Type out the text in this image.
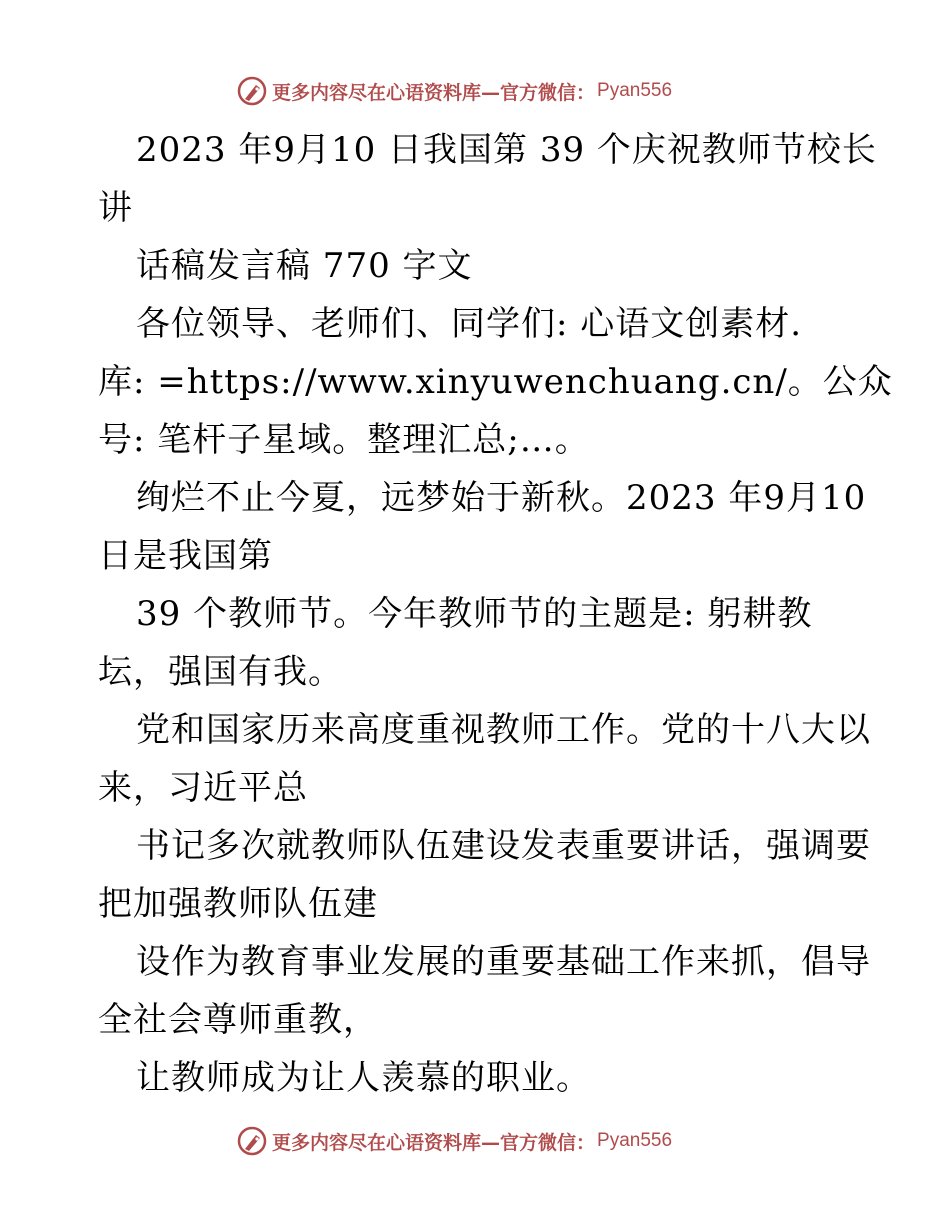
更多内容尽在心语资料库—官方微信： Pyan556
2023 年9月10 日我国第 39 个庆祝教师节校长
讲
话稿发言稿 770 字文
各位领导、老师们、同学们: 心语文创素材.
库: =https://www.xinyuwenchuang.cn/。公众
号: 笔杆子星域。整理汇总;…。
绚烂不止今夏，远梦始于新秋。2023 年9月10
日是我国第
39 个教师节。今年教师节的主题是: 躬耕教
坛，强国有我。
党和国家历来高度重视教师工作。党的十八大以
来，习近平总
书记多次就教师队伍建设发表重要讲话，强调要
把加强教师队伍建
设作为教育事业发展的重要基础工作来抓，倡导
全社会尊师重教，
让教师成为让人羡慕的职业。
更多内容尽在心语资料库—官方微信： Pyan556
